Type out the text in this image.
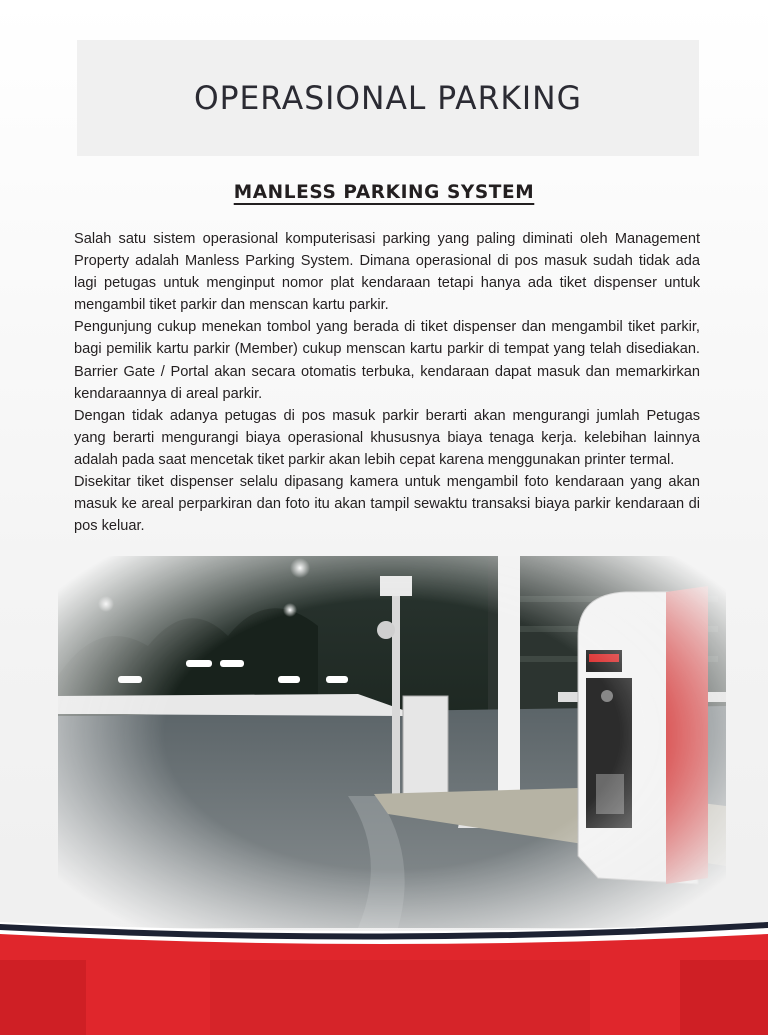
OPERASIONAL PARKING
MANLESS PARKING SYSTEM

Salah satu sistem operasional komputerisasi parking yang paling diminati oleh Management Property adalah Manless Parking System. Dimana operasional di pos masuk sudah tidak ada lagi petugas untuk menginput nomor plat kendaraan tetapi hanya ada tiket dispenser untuk mengambil tiket parkir dan menscan kartu parkir.

Pengunjung cukup menekan tombol yang berada di tiket dispenser dan mengambil tiket parkir, bagi pemilik kartu parkir (Member) cukup menscan kartu parkir di tempat yang telah disediakan. Barrier Gate / Portal akan secara otomatis terbuka, kendaraan dapat masuk dan memarkirkan kendaraannya di areal parkir.

Dengan tidak adanya petugas di pos masuk parkir berarti akan mengurangi jumlah Petugas yang berarti mengurangi biaya operasional khususnya biaya tenaga kerja. kelebihan lainnya adalah pada saat mencetak tiket parkir akan lebih cepat karena menggunakan printer termal.

Disekitar tiket dispenser selalu dipasang kamera untuk mengambil foto kendaraan yang akan masuk ke areal perparkiran dan foto itu akan tampil sewaktu transaksi biaya parkir kendaraan di pos keluar.
